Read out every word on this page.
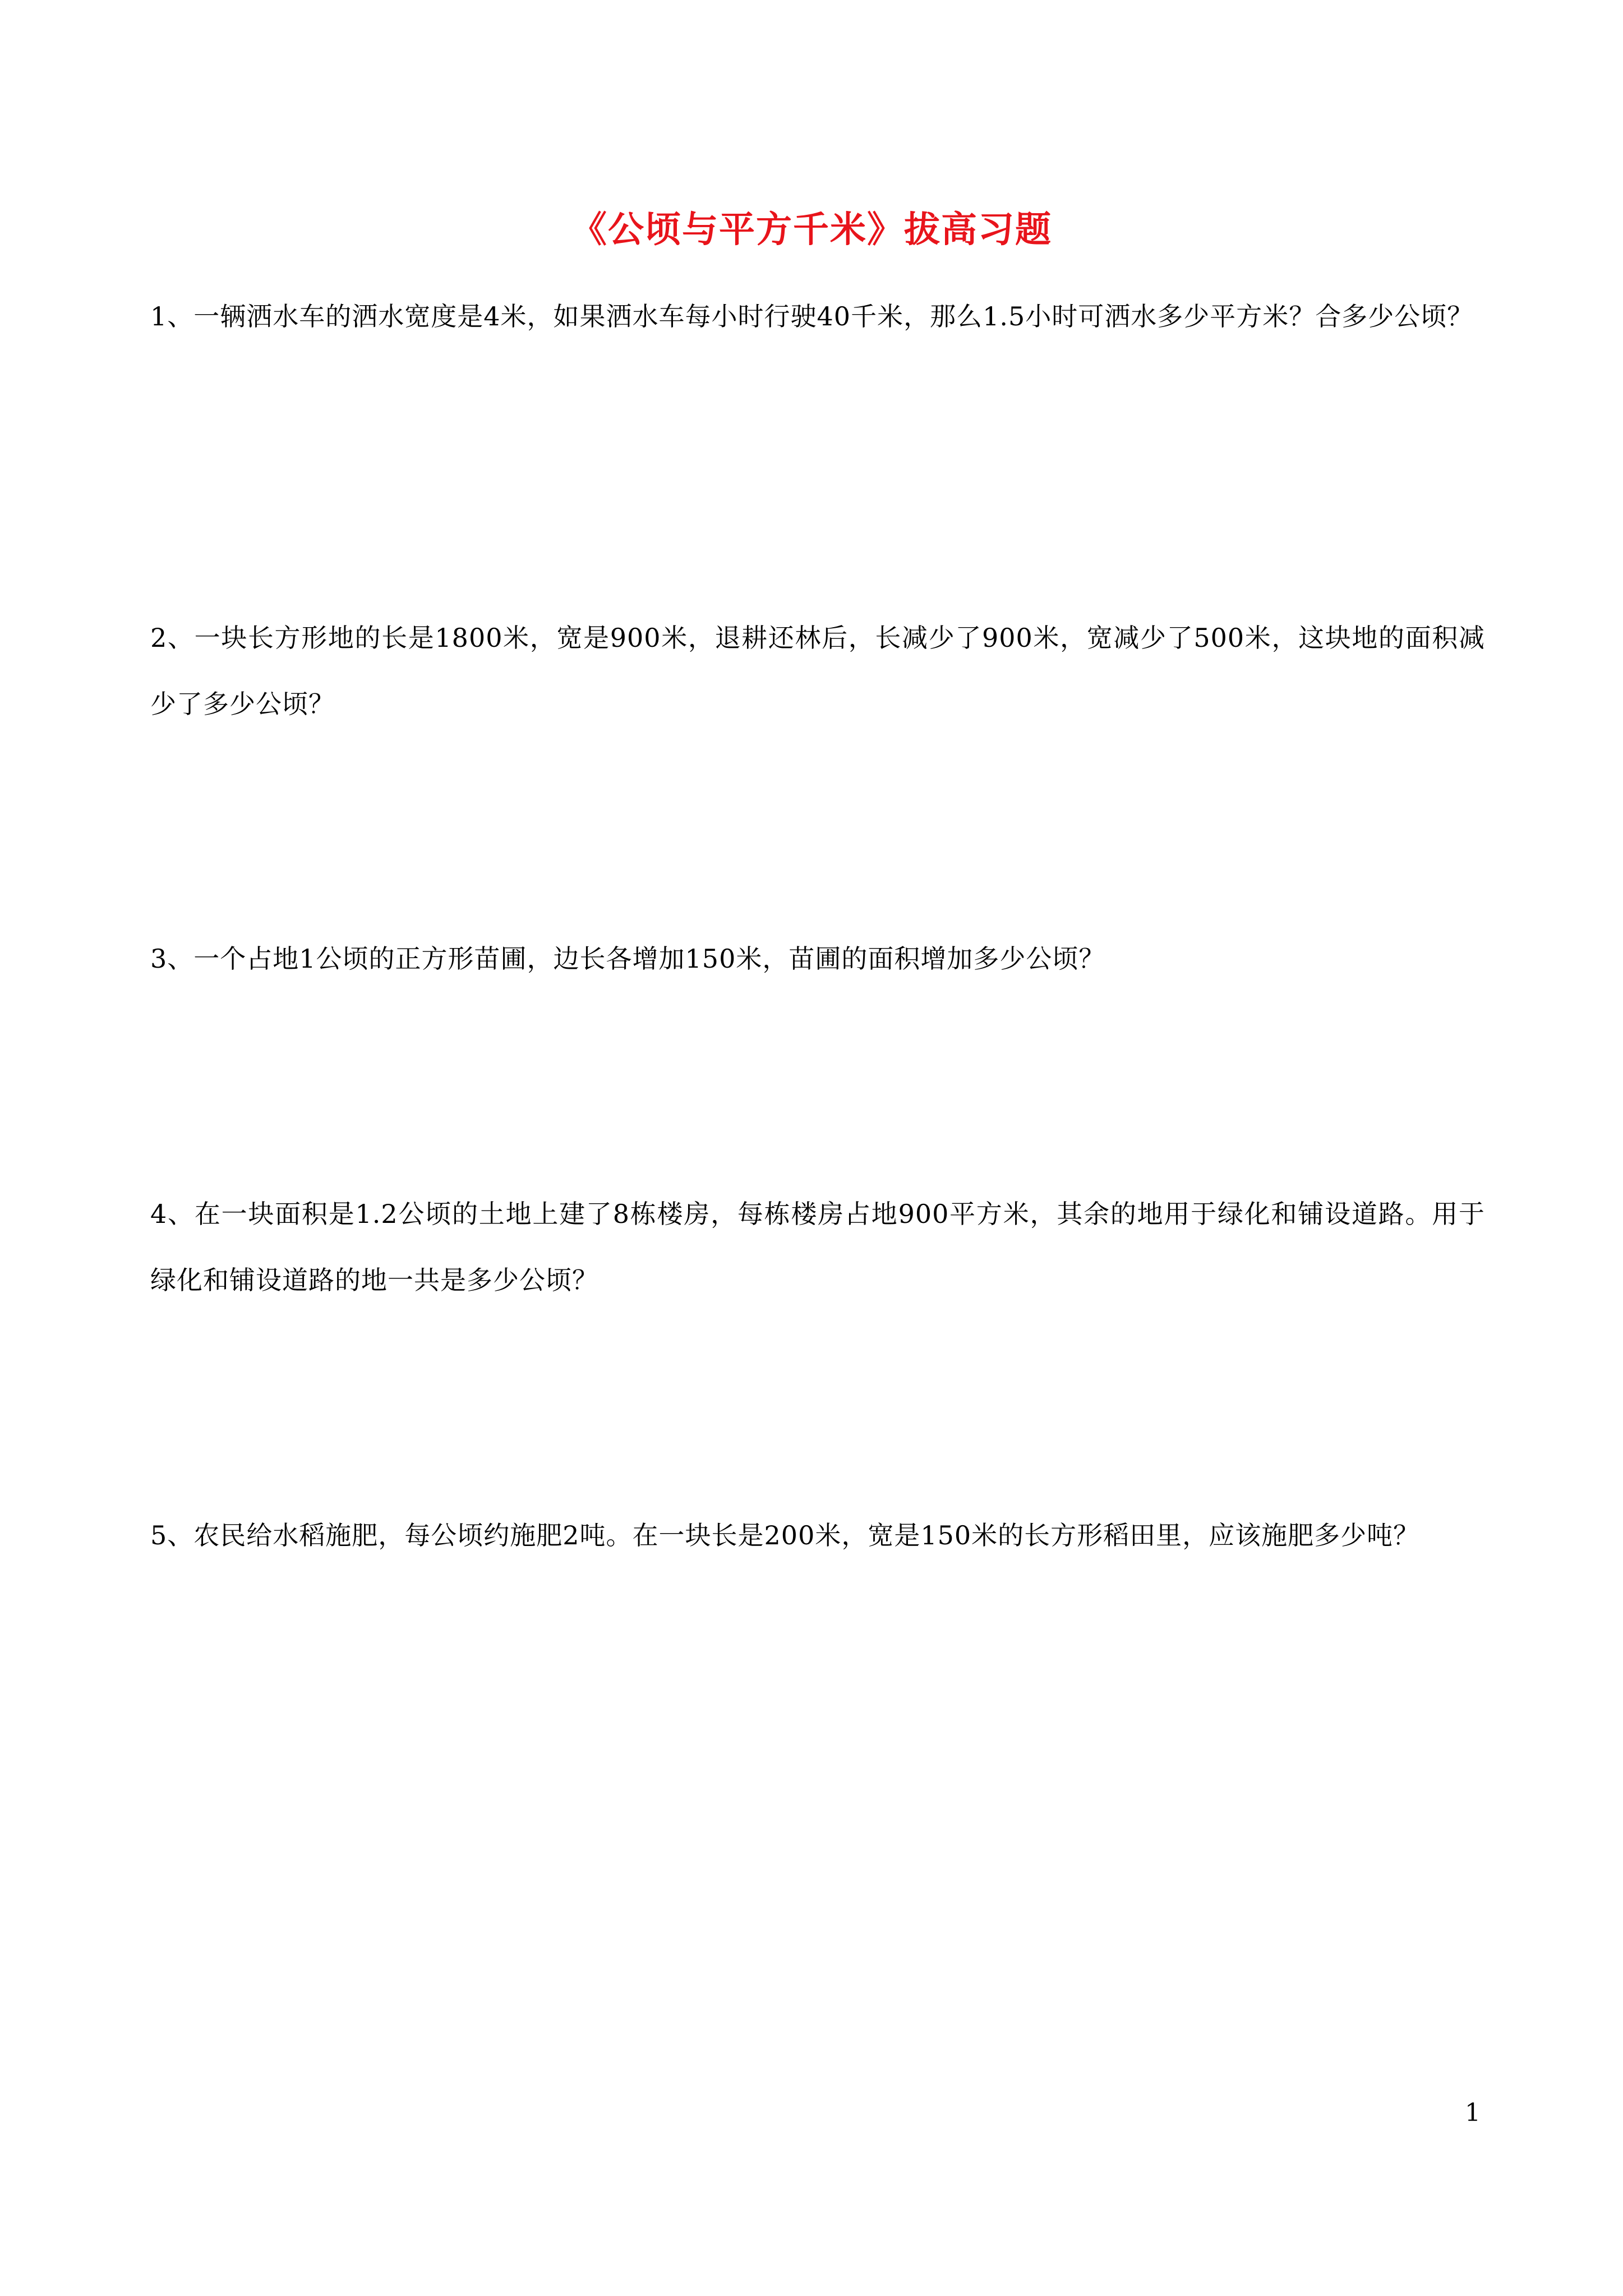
《公顷与平方千米》拔高习题
1、一辆洒水车的洒水宽度是4米，如果洒水车每小时行驶40千米，那么1.5小时可洒水多少平方米？合多少公顷？
2、一块长方形地的长是1800米，宽是900米，退耕还林后，长减少了900米，宽减少了500米，这块地的面积减少了多少公顷？
3、一个占地1公顷的正方形苗圃，边长各增加150米，苗圃的面积增加多少公顷？
4、在一块面积是1.2公顷的土地上建了8栋楼房，每栋楼房占地900平方米，其余的地用于绿化和铺设道路。用于绿化和铺设道路的地一共是多少公顷？
5、农民给水稻施肥，每公顷约施肥2吨。在一块长是200米，宽是150米的长方形稻田里，应该施肥多少吨？
1
